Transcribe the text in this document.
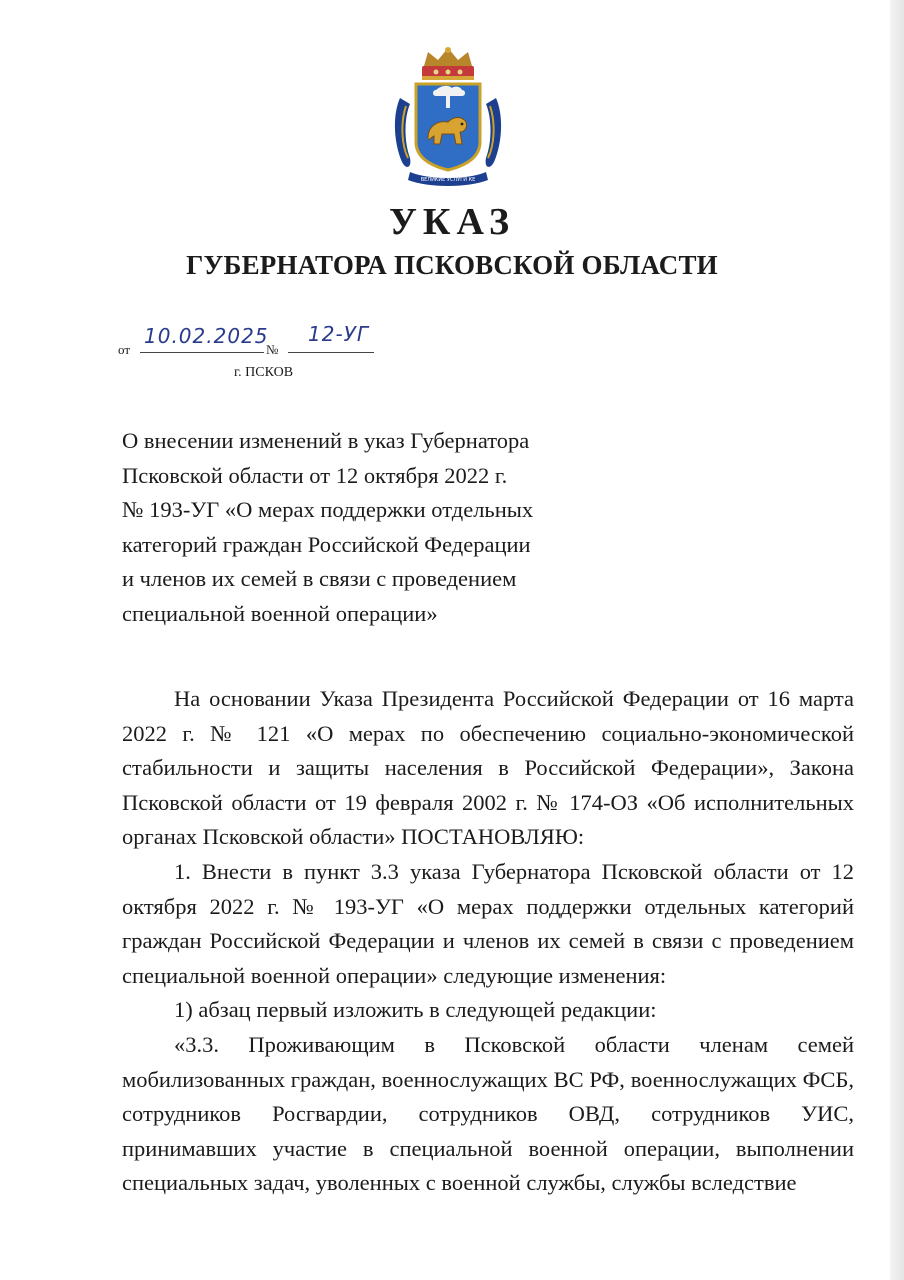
ВЕЛИКИЕ УСЛУГИ КЕ
УКАЗ
ГУБЕРНАТОРА ПСКОВСКОЙ ОБЛАСТИ
от
10.02.2025
№
12-УГ
г. ПСКОВ

О внесении изменений в указ Губернатора

Псковской области от 12 октября 2022 г.

№ 193-УГ «О мерах поддержки отдельных

категорий граждан Российской Федерации

и членов их семей в связи с проведением

специальной военной операции»

На основании Указа Президента Российской Федерации от 16 марта 2022 г. № 121 «О мерах по обеспечению социально-экономической стабильности и защиты населения в Российской Федерации», Закона Псковской области от 19 февраля 2002 г. № 174-ОЗ «Об исполнительных органах Псковской области» ПОСТАНОВЛЯЮ:

1. Внести в пункт 3.3 указа Губернатора Псковской области от 12 октября 2022 г. № 193-УГ «О мерах поддержки отдельных категорий граждан Российской Федерации и членов их семей в связи с проведением специальной военной операции» следующие изменения:

1) абзац первый изложить в следующей редакции:

«3.3. Проживающим в Псковской области членам семей мобилизованных граждан, военнослужащих ВС РФ, военнослужащих ФСБ, сотрудников Росгвардии, сотрудников ОВД, сотрудников УИС, принимавших участие в специальной военной операции, выполнении специальных задач, уволенных с военной службы, службы вследствие
